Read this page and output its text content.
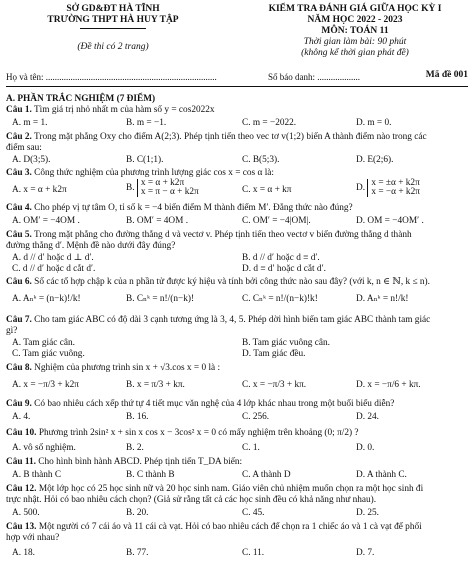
SỞ GD&ĐT HÀ TĨNH
TRƯỜNG THPT HÀ HUY TẬP
(Đề thi có 2 trang)
KIỂM TRA ĐÁNH GIÁ GIỮA HỌC KỲ I
NĂM HỌC 2022 - 2023
MÔN: TOÁN 11
Thời gian làm bài: 90 phút
(không kể thời gian phát đề)
Họ và tên: ............................................................................	Số báo danh: ...................	Mã đề 001
A. PHẦN TRẮC NGHIỆM (7 ĐIỂM)
Câu 1. Tìm giá trị nhỏ nhất m của hàm số y = cos2022x
A. m = 1.	B. m = −1.	C. m = −2022.	D. m = 0.
Câu 2. Trong mặt phẳng Oxy cho điểm A(2;3). Phép tịnh tiến theo vec tơ v(1;2) biến A thành điểm nào trong các
điểm sau:
A. D(3;5).	B. C(1;1).	C. B(5;3).	D. E(2;6).
Câu 3. Công thức nghiệm của phương trình lượng giác cos x = cos α là:
A. x = α + k2π	B. x = α + k2π
x = π − α + k2π	C. x = α + kπ	D. x = ±α + k2π
x = −α + k2π
Câu 4. Cho phép vị tự tâm O, tỉ số k = −4 biến điểm M thành điểm M′. Đẳng thức nào đúng?
A. OM′ = −4OM .	B. OM′ = 4OM .	C. OM′ = −4|OM|.	D. OM = −4OM′ .
Câu 5. Trong mặt phẳng cho đường thẳng d và vectơ v. Phép tịnh tiến theo vectơ v biến đường thẳng d thành
đường thẳng d′. Mệnh đề nào dưới đây đúng?
A. d // d′ hoặc d ⊥ d′.	B. d // d′ hoặc d ≡ d′.
C. d // d′ hoặc d cắt d′.	D. d ≡ d′ hoặc d cắt d′.
Câu 6. Số các tổ hợp chập k của n phần tử được ký hiệu và tính bởi công thức nào sau đây? (với k, n ∈ ℕ, k ≤ n).
A. Aₙᵏ = (n−k)!/k!	B. Cₙᵏ = n!/(n−k)!	C. Cₙᵏ = n!/(n−k)!k!	D. Aₙᵏ = n!/k!
Câu 7. Cho tam giác ABC có độ dài 3 cạnh tương ứng là 3, 4, 5. Phép dời hình biến tam giác ABC thành tam giác
gì?
A. Tam giác cân.	B. Tam giác vuông cân.
C. Tam giác vuông.	D. Tam giác đều.
Câu 8. Nghiệm của phương trình sin x + √3.cos x = 0 là :
A. x = −π/3 + k2π	B. x = π/3 + kπ.	C. x = −π/3 + kπ.	D. x = −π/6 + kπ.
Câu 9. Có bao nhiêu cách xếp thứ tự 4 tiết mục văn nghệ của 4 lớp khác nhau trong một buổi biểu diễn?
A. 4.	B. 16.	C. 256.	D. 24.
Câu 10. Phương trình 2sin² x + sin x cos x − 3cos² x = 0 có mấy nghiệm trên khoảng (0; π/2) ?
A. vô số nghiệm.	B. 2.	C. 1.	D. 0.
Câu 11. Cho hình bình hành ABCD. Phép tịnh tiến T_DA biến:
A. B thành C	B. C thành B	C. A thành D	D. A thành C.
Câu 12. Một lớp học có 25 học sinh nữ và 20 học sinh nam. Giáo viên chủ nhiệm muốn chọn ra một học sinh đi
trực nhật. Hỏi có bao nhiêu cách chọn? (Giả sử rằng tất cả các học sinh đều có khả năng như nhau).
A. 500.	B. 20.	C. 45.	D. 25.
Câu 13. Một người có 7 cái áo và 11 cái cà vạt. Hỏi có bao nhiêu cách để chọn ra 1 chiếc áo và 1 cà vạt để phối
hợp với nhau?
A. 18.	B. 77.	C. 11.	D. 7.
